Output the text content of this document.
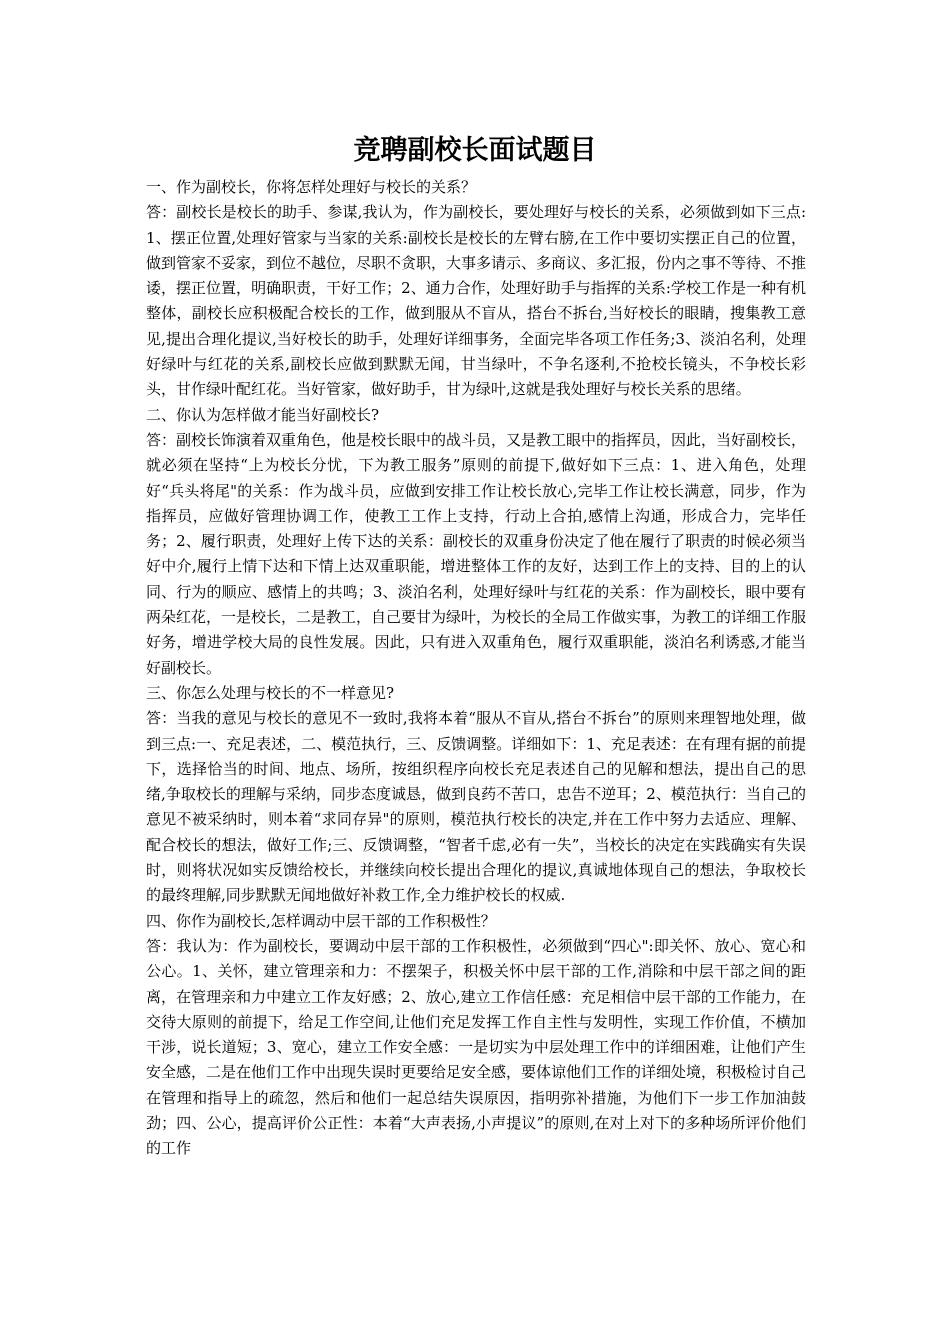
竞聘副校长面试题目

一、作为副校长，你将怎样处理好与校长的关系？

答：副校长是校长的助手、参谋,我认为，作为副校长，要处理好与校长的关系，必须做到如下三点:1、摆正位置,处理好管家与当家的关系:副校长是校长的左臂右膀,在工作中要切实摆正自己的位置，做到管家不妥家，到位不越位，尽职不贪职，大事多请示、多商议、多汇报，份内之事不等待、不推诿，摆正位置，明确职责，干好工作；2、通力合作，处理好助手与指挥的关系:学校工作是一种有机整体，副校长应积极配合校长的工作，做到服从不盲从，搭台不拆台,当好校长的眼睛，搜集教工意见,提出合理化提议,当好校长的助手，处理好详细事务，全面完毕各项工作任务;3、淡泊名利，处理好绿叶与红花的关系,副校长应做到默默无闻，甘当绿叶，不争名逐利,不抢校长镜头，不争校长彩头，甘作绿叶配红花。当好管家，做好助手，甘为绿叶,这就是我处理好与校长关系的思绪。

二、你认为怎样做才能当好副校长?

答：副校长饰演着双重角色，他是校长眼中的战斗员，又是教工眼中的指挥员，因此，当好副校长，就必须在坚持“上为校长分忧，下为教工服务”原则的前提下,做好如下三点：1、进入角色，处理好“兵头将尾"的关系：作为战斗员，应做到安排工作让校长放心,完毕工作让校长满意，同步，作为指挥员，应做好管理协调工作，使教工工作上支持，行动上合拍,感情上沟通，形成合力，完毕任务；2、履行职责，处理好上传下达的关系：副校长的双重身份决定了他在履行了职责的时候必须当好中介,履行上情下达和下情上达双重职能，增进整体工作的友好，达到工作上的支持、目的上的认同、行为的顺应、感情上的共鸣；3、淡泊名利，处理好绿叶与红花的关系：作为副校长，眼中要有两朵红花，一是校长，二是教工，自己要甘为绿叶，为校长的全局工作做实事，为教工的详细工作服好务，增进学校大局的良性发展。因此，只有进入双重角色，履行双重职能，淡泊名利诱惑,才能当好副校长。

三、你怎么处理与校长的不一样意见?

答：当我的意见与校长的意见不一致时,我将本着“服从不盲从,搭台不拆台”的原则来理智地处理，做到三点:一、充足表述，二、模范执行，三、反馈调整。详细如下：1、充足表述：在有理有据的前提下，选择恰当的时间、地点、场所，按组织程序向校长充足表述自己的见解和想法，提出自己的思绪,争取校长的理解与采纳，同步态度诚恳，做到良药不苦口，忠告不逆耳；2、模范执行：当自己的意见不被采纳时，则本着“求同存异"的原则，模范执行校长的决定,并在工作中努力去适应、理解、配合校长的想法，做好工作;三、反馈调整，“智者千虑,必有一失”，当校长的决定在实践确实有失误时，则将状况如实反馈给校长，并继续向校长提出合理化的提议,真诚地体现自己的想法，争取校长的最终理解,同步默默无闻地做好补救工作,全力维护校长的权威.

四、你作为副校长,怎样调动中层干部的工作积极性？

答：我认为：作为副校长，要调动中层干部的工作积极性，必须做到“四心":即关怀、放心、宽心和公心。1、关怀，建立管理亲和力：不摆架子，积极关怀中层干部的工作,消除和中层干部之间的距离，在管理亲和力中建立工作友好感；2、放心,建立工作信任感：充足相信中层干部的工作能力，在交待大原则的前提下，给足工作空间,让他们充足发挥工作自主性与发明性，实现工作价值，不横加干涉，说长道短；3、宽心，建立工作安全感：一是切实为中层处理工作中的详细困难，让他们产生安全感，二是在他们工作中出现失误时更要给足安全感，要体谅他们工作的详细处境，积极检讨自己在管理和指导上的疏忽，然后和他们一起总结失误原因，指明弥补措施，为他们下一步工作加油鼓劲；四、公心，提高评价公正性：本着“大声表扬,小声提议”的原则,在对上对下的多种场所评价他们的工作
